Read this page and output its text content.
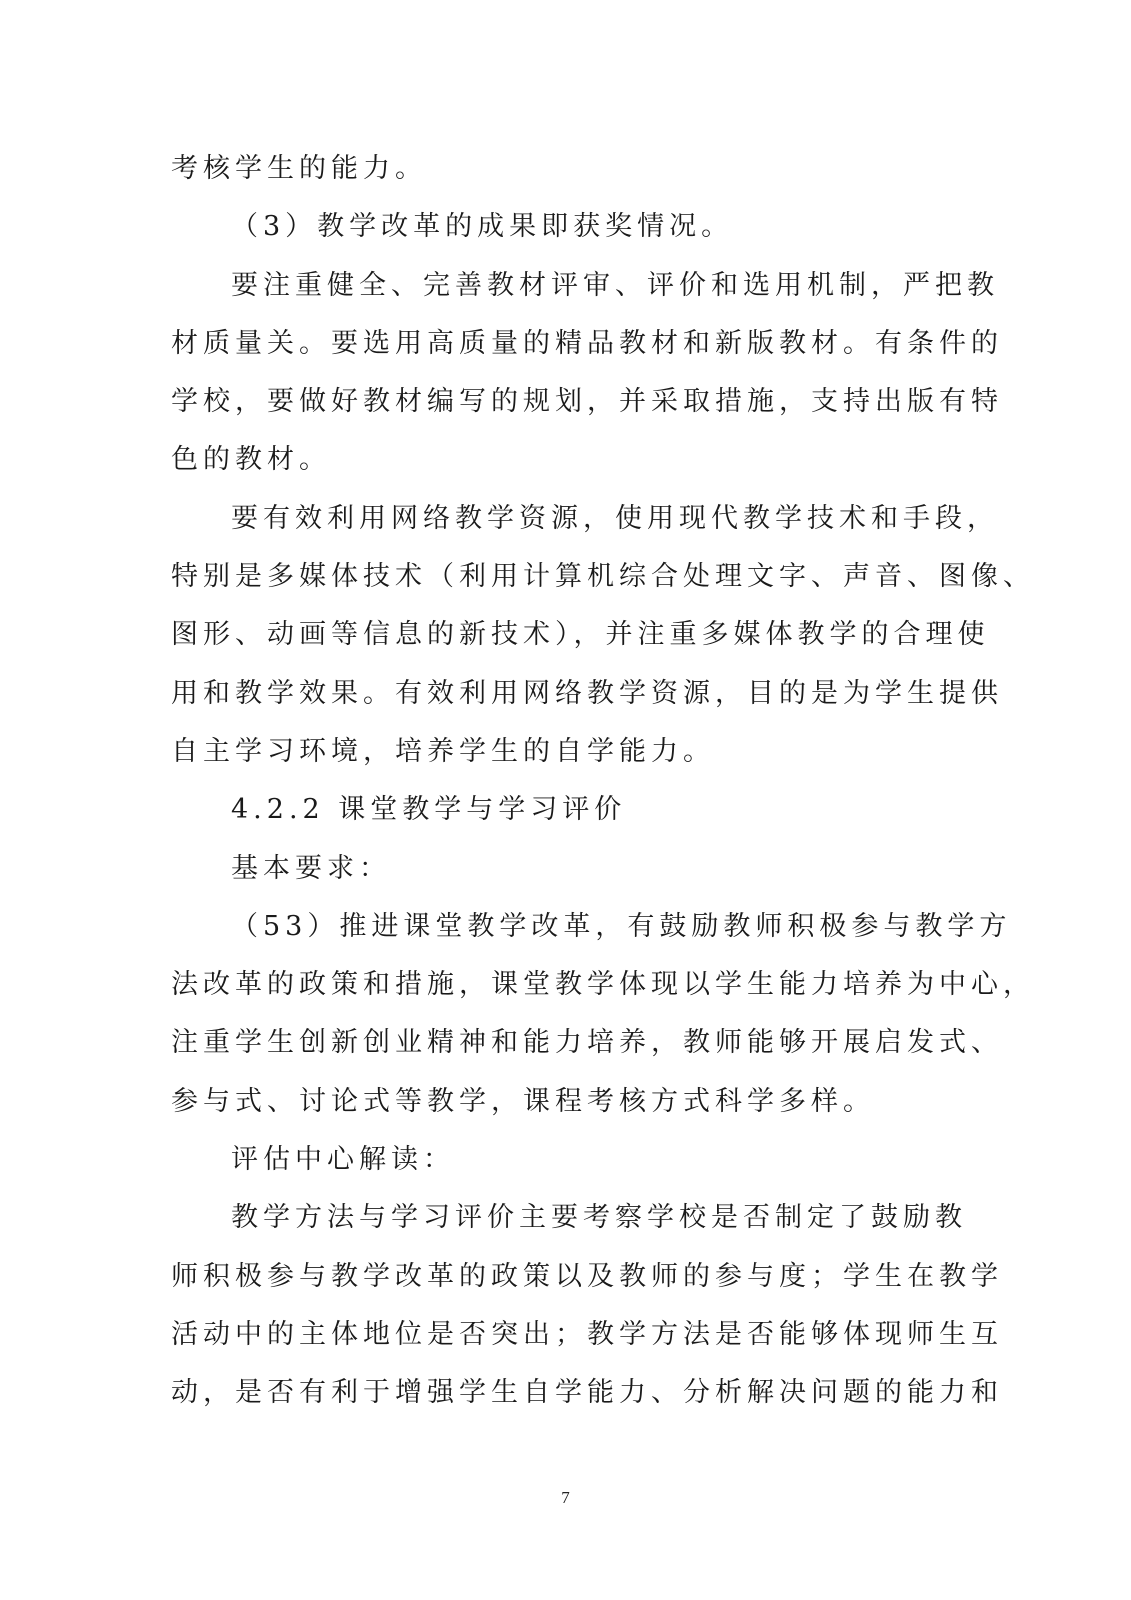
考核学生的能力。
（3）教学改革的成果即获奖情况。
要注重健全、完善教材评审、评价和选用机制，严把教
材质量关。要选用高质量的精品教材和新版教材。有条件的
学校，要做好教材编写的规划，并采取措施，支持出版有特
色的教材。
要有效利用网络教学资源，使用现代教学技术和手段，
特别是多媒体技术（利用计算机综合处理文字、声音、图像、
图形、动画等信息的新技术），并注重多媒体教学的合理使
用和教学效果。有效利用网络教学资源，目的是为学生提供
自主学习环境，培养学生的自学能力。
4.2.2 课堂教学与学习评价
基本要求：
（53）推进课堂教学改革，有鼓励教师积极参与教学方
法改革的政策和措施，课堂教学体现以学生能力培养为中心，
注重学生创新创业精神和能力培养，教师能够开展启发式、
参与式、讨论式等教学，课程考核方式科学多样。
评估中心解读：
教学方法与学习评价主要考察学校是否制定了鼓励教
师积极参与教学改革的政策以及教师的参与度；学生在教学
活动中的主体地位是否突出；教学方法是否能够体现师生互
动，是否有利于增强学生自学能力、分析解决问题的能力和
7
